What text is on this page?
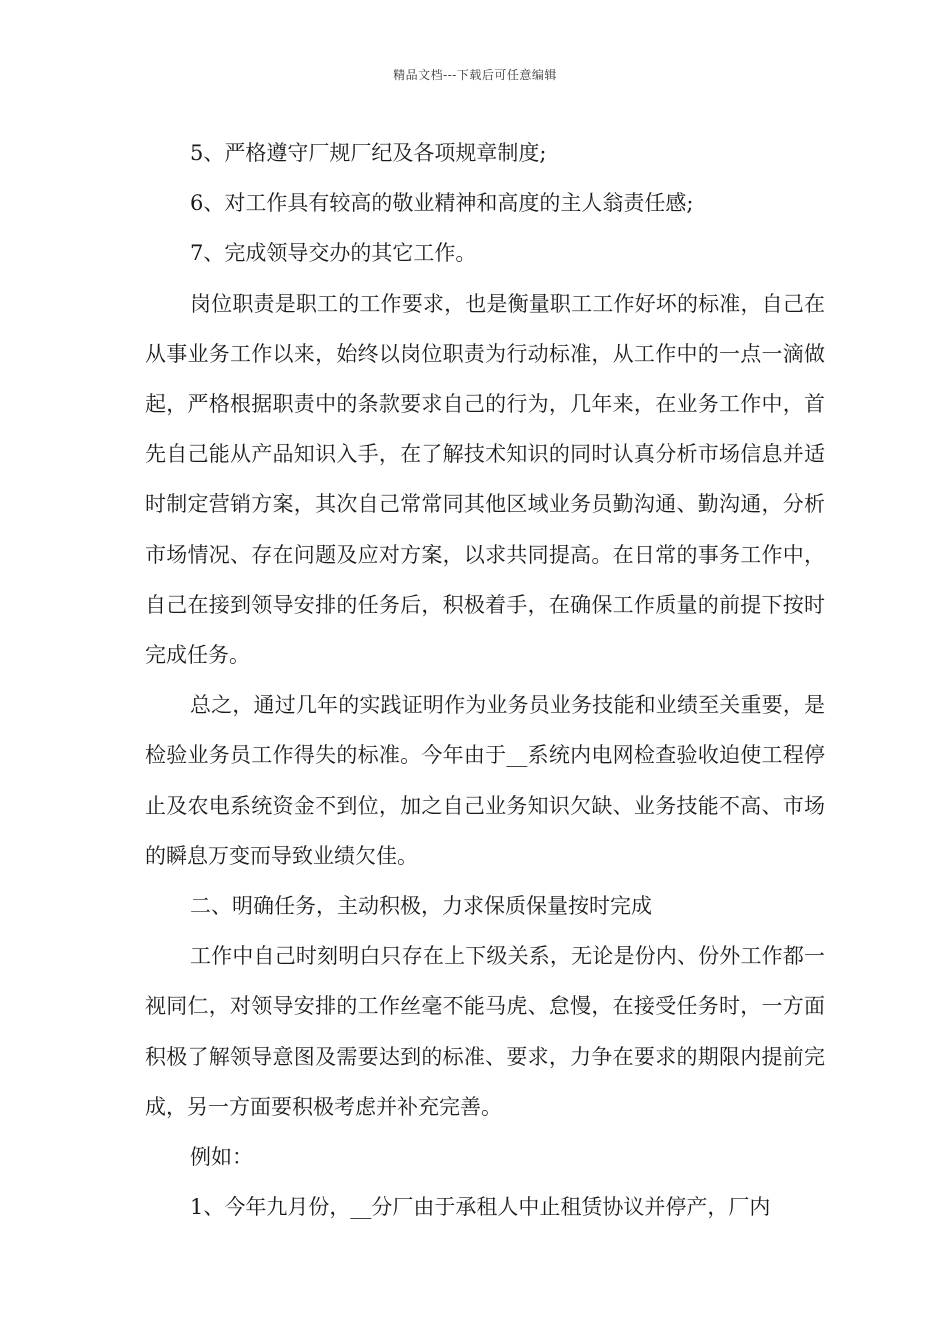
精品文档---下载后可任意编辑

5、严格遵守厂规厂纪及各项规章制度;

6、对工作具有较高的敬业精神和高度的主人翁责任感;

7、完成领导交办的其它工作。

岗位职责是职工的工作要求，也是衡量职工工作好坏的标准，自己在从事业务工作以来，始终以岗位职责为行动标准，从工作中的一点一滴做起，严格根据职责中的条款要求自己的行为，几年来，在业务工作中，首先自己能从产品知识入手，在了解技术知识的同时认真分析市场信息并适时制定营销方案，其次自己常常同其他区域业务员勤沟通、勤沟通，分析市场情况、存在问题及应对方案，以求共同提高。在日常的事务工作中，自己在接到领导安排的任务后，积极着手，在确保工作质量的前提下按时完成任务。

总之，通过几年的实践证明作为业务员业务技能和业绩至关重要，是检验业务员工作得失的标准。今年由于__系统内电网检查验收迫使工程停止及农电系统资金不到位，加之自己业务知识欠缺、业务技能不高、市场的瞬息万变而导致业绩欠佳。

二、明确任务，主动积极，力求保质保量按时完成

工作中自己时刻明白只存在上下级关系，无论是份内、份外工作都一视同仁，对领导安排的工作丝毫不能马虎、怠慢，在接受任务时，一方面积极了解领导意图及需要达到的标准、要求，力争在要求的期限内提前完成，另一方面要积极考虑并补充完善。

例如：

1、今年九月份，__分厂由于承租人中止租赁协议并停产，厂内
